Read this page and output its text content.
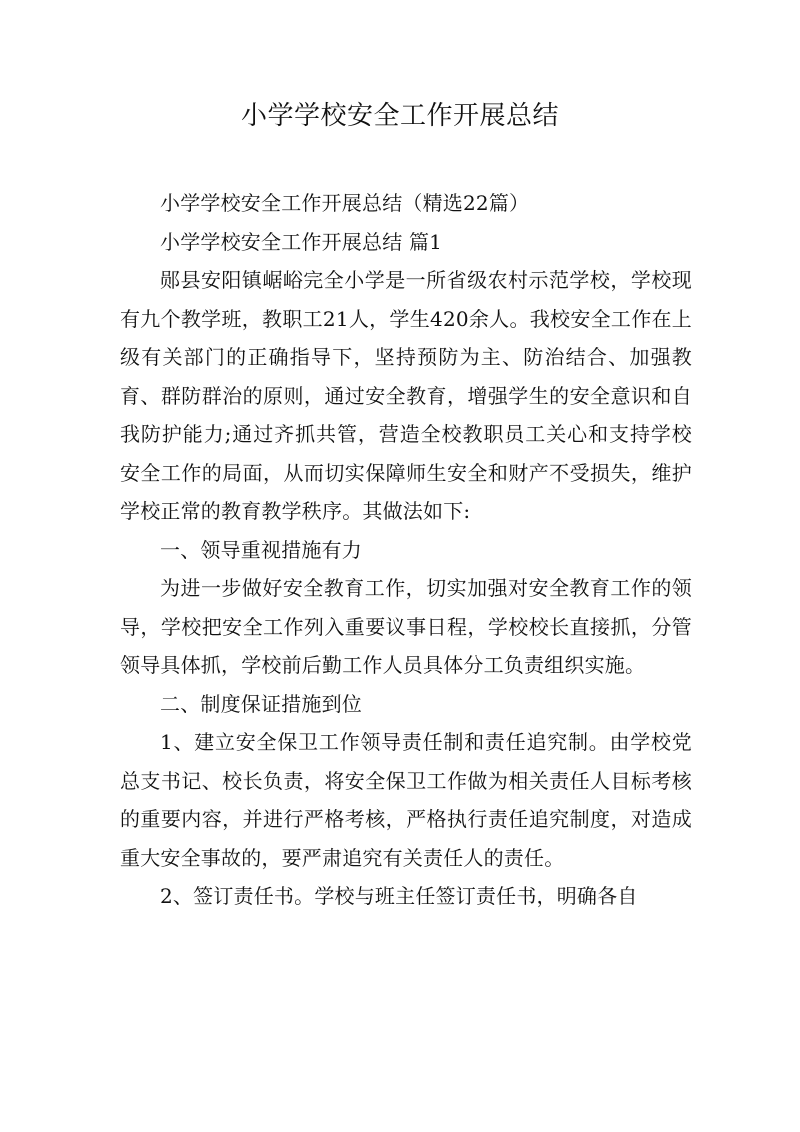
小学学校安全工作开展总结

小学学校安全工作开展总结（精选22篇）

小学学校安全工作开展总结 篇1

郧县安阳镇崌峪完全小学是一所省级农村示范学校，学校现有九个教学班，教职工21人，学生420余人。我校安全工作在上级有关部门的正确指导下，坚持预防为主、防治结合、加强教育、群防群治的原则，通过安全教育，增强学生的安全意识和自我防护能力;通过齐抓共管，营造全校教职员工关心和支持学校安全工作的局面，从而切实保障师生安全和财产不受损失，维护学校正常的教育教学秩序。其做法如下:

一、领导重视措施有力

为进一步做好安全教育工作，切实加强对安全教育工作的领导，学校把安全工作列入重要议事日程，学校校长直接抓，分管领导具体抓，学校前后勤工作人员具体分工负责组织实施。

二、制度保证措施到位

1、建立安全保卫工作领导责任制和责任追究制。由学校党总支书记、校长负责，将安全保卫工作做为相关责任人目标考核的重要内容，并进行严格考核，严格执行责任追究制度，对造成重大安全事故的，要严肃追究有关责任人的责任。

2、签订责任书。学校与班主任签订责任书，明确各自
